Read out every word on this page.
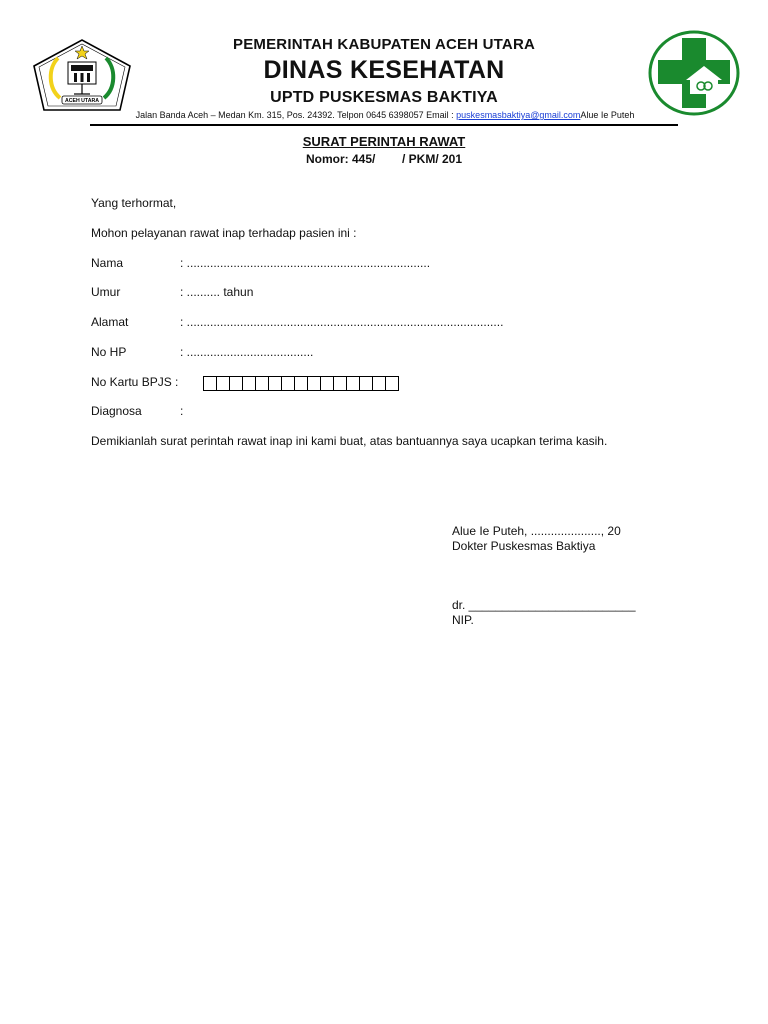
ACEH UTARA
PEMERINTAH KABUPATEN ACEH UTARA
DINAS KESEHATAN
UPTD PUSKESMAS BAKTIYA
Jalan Banda Aceh – Medan Km. 315, Pos. 24392. Telpon 0645 6398057 Email : puskesmasbaktiya@gmail.comAlue Ie Puteh
SURAT PERINTAH RAWAT
Nomor: 445/        / PKM/ 201
Yang terhormat,
Mohon pelayanan rawat inap terhadap pasien ini :
Nama	: .........................................................................
Umur	: .......... tahun
Alamat	: ...............................................................................................
No HP	: ......................................
No Kartu BPJS :
Diagnosa	:
Demikianlah surat perintah rawat inap ini kami buat, atas bantuannya saya ucapkan terima kasih.
Alue Ie Puteh, ....................., 20
Dokter Puskesmas Baktiya
dr. _________________________
NIP.
